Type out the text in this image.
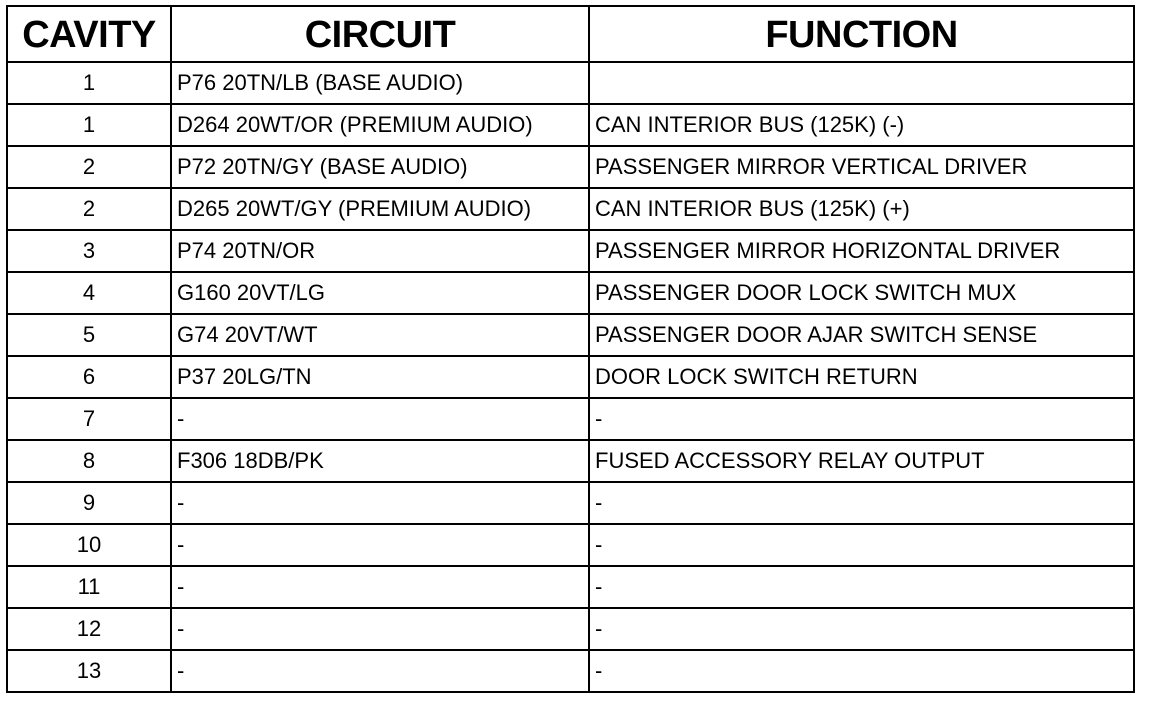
CAVITY	CIRCUIT	FUNCTION
1	P76 20TN/LB (BASE AUDIO)	
1	D264 20WT/OR (PREMIUM AUDIO)	CAN INTERIOR BUS (125K) (-)
2	P72 20TN/GY (BASE AUDIO)	PASSENGER MIRROR VERTICAL DRIVER
2	D265 20WT/GY (PREMIUM AUDIO)	CAN INTERIOR BUS (125K) (+)
3	P74 20TN/OR	PASSENGER MIRROR HORIZONTAL DRIVER
4	G160 20VT/LG	PASSENGER DOOR LOCK SWITCH MUX
5	G74 20VT/WT	PASSENGER DOOR AJAR SWITCH SENSE
6	P37 20LG/TN	DOOR LOCK SWITCH RETURN
7	-	-
8	F306 18DB/PK	FUSED ACCESSORY RELAY OUTPUT
9	-	-
10	-	-
11	-	-
12	-	-
13	-	-
